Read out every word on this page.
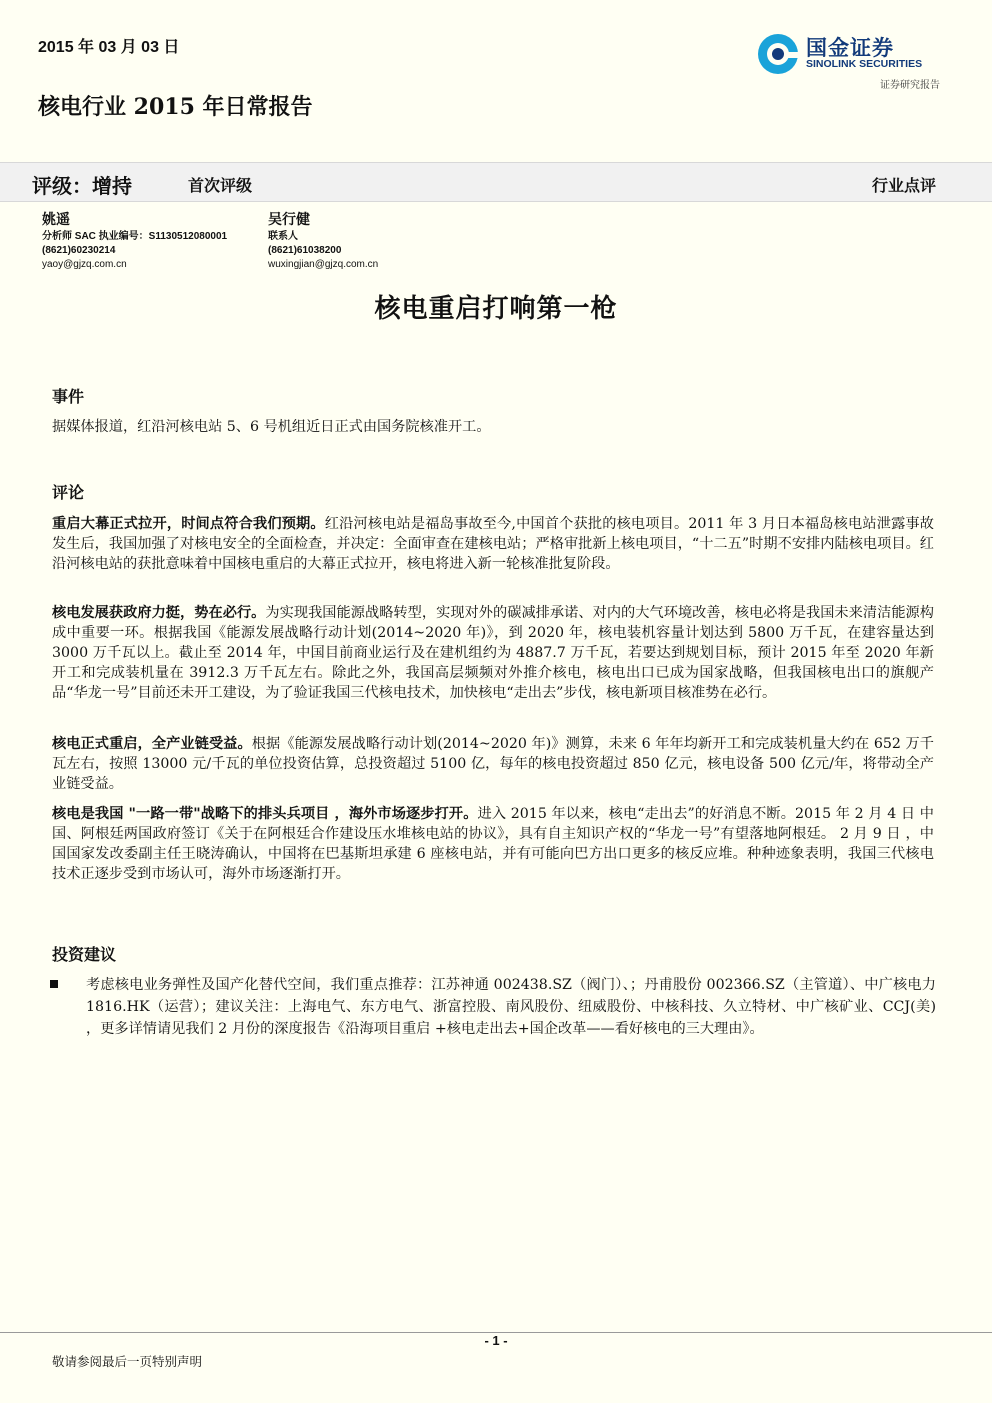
2015 年 03 月 03 日	国金证券
SINOLINK SECURITIES
证券研究报告
核电行业 2015 年日常报告
评级：增持	首次评级	行业点评
姚遥
分析师 SAC 执业编号：S1130512080001
(8621)60230214
yaoy@gjzq.com.cn
吴行健
联系人
(8621)61038200
wuxingjian@gjzq.com.cn
核电重启打响第一枪
事件

据媒体报道，红沿河核电站 5、6 号机组近日正式由国务院核准开工。

评论

重启大幕正式拉开，时间点符合我们预期。红沿河核电站是福岛事故至今,中国首个获批的核电项目。2011 年 3 月日本福岛核电站泄露事故发生后，我国加强了对核电安全的全面检查，并决定：全面审查在建核电站；严格审批新上核电项目，“十二五”时期不安排内陆核电项目。红沿河核电站的获批意味着中国核电重启的大幕正式拉开，核电将进入新一轮核准批复阶段。

核电发展获政府力挺，势在必行。为实现我国能源战略转型，实现对外的碳减排承诺、对内的大气环境改善，核电必将是我国未来清洁能源构成中重要一环。根据我国《能源发展战略行动计划(2014~2020 年)》，到 2020 年，核电装机容量计划达到 5800 万千瓦，在建容量达到 3000 万千瓦以上。截止至 2014 年，中国目前商业运行及在建机组约为 4887.7 万千瓦，若要达到规划目标，预计 2015 年至 2020 年新开工和完成装机量在 3912.3 万千瓦左右。除此之外，我国高层频频对外推介核电，核电出口已成为国家战略，但我国核电出口的旗舰产品“华龙一号”目前还未开工建设，为了验证我国三代核电技术，加快核电“走出去”步伐，核电新项目核准势在必行。

核电正式重启，全产业链受益。根据《能源发展战略行动计划(2014~2020 年)》测算，未来 6 年年均新开工和完成装机量大约在 652 万千瓦左右，按照 13000 元/千瓦的单位投资估算，总投资超过 5100 亿，每年的核电投资超过 850 亿元，核电设备 500 亿元/年，将带动全产业链受益。

核电是我国 "一路一带"战略下的排头兵项目 ，海外市场逐步打开。进入 2015 年以来，核电“走出去”的好消息不断。2015 年 2 月 4 日 中国、阿根廷两国政府签订《关于在阿根廷合作建设压水堆核电站的协议》，具有自主知识产权的“华龙一号”有望落地阿根廷。 2 月 9 日 ，中国国家发改委副主任王晓涛确认，中国将在巴基斯坦承建 6 座核电站，并有可能向巴方出口更多的核反应堆。种种迹象表明，我国三代核电技术正逐步受到市场认可，海外市场逐渐打开。

投资建议

考虑核电业务弹性及国产化替代空间，我们重点推荐：江苏神通 002438.SZ（阀门）、；丹甫股份 002366.SZ（主管道）、中广核电力 1816.HK（运营）；建议关注：上海电气、东方电气、浙富控股、南风股份、纽威股份、中核科技、久立特材、中广核矿业、CCJ(美) ，更多详情请见我们 2 月份的深度报告《沿海项目重启 +核电走出去+国企改革——看好核电的三大理由》。

- 1 -
敬请参阅最后一页特别声明
